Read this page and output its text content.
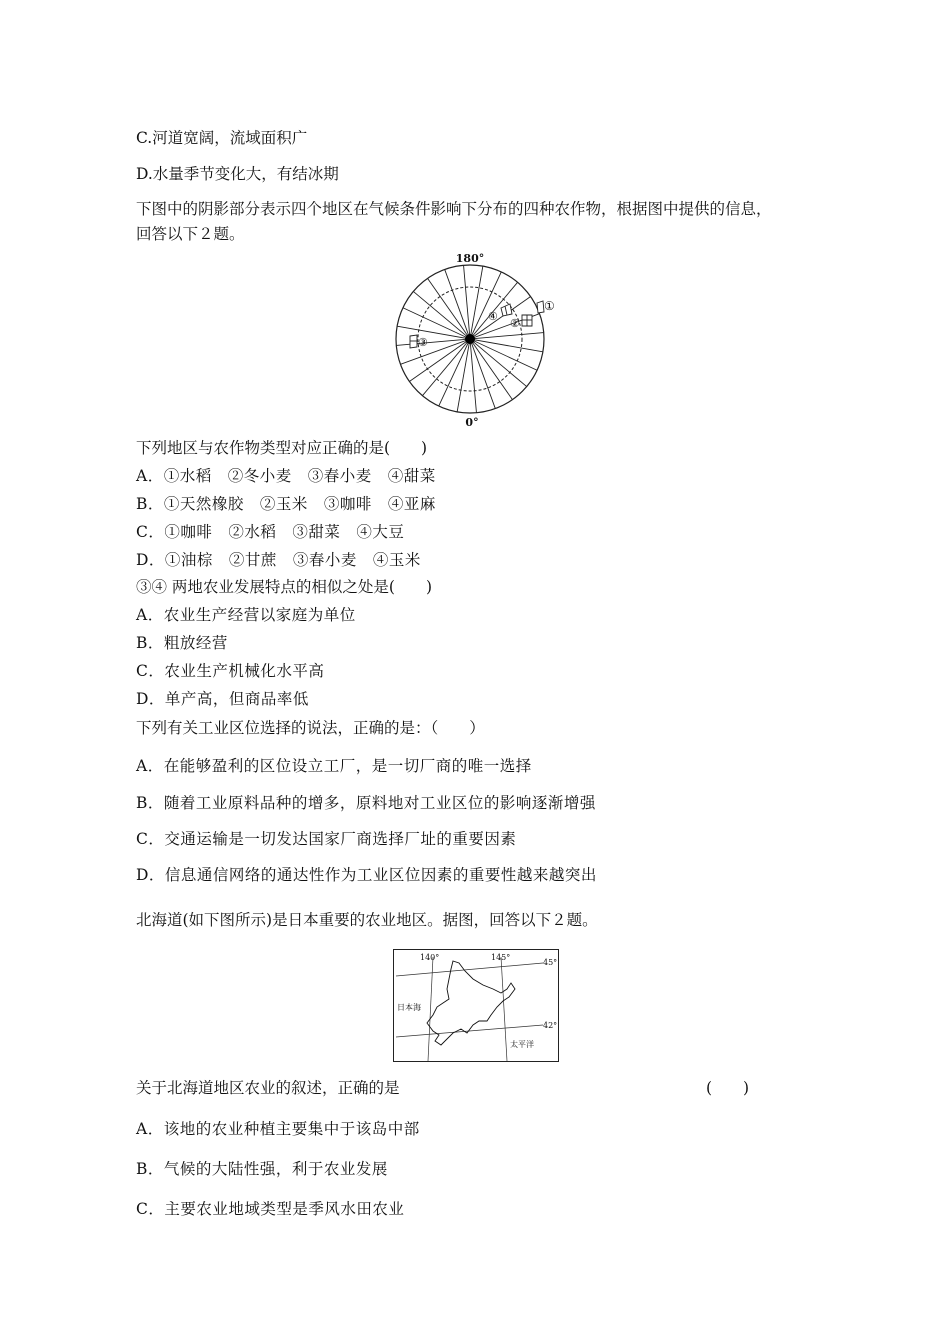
C.河道宽阔，流域面积广
D.水量季节变化大，有结冰期
下图中的阴影部分表示四个地区在气候条件影响下分布的四种农作物，根据图中提供的信息，
回答以下２题。
180°
0°
④
②
①
③
下列地区与农作物类型对应正确的是(　　)
A．①水稻　②冬小麦　③春小麦　④甜菜
B．①天然橡胶　②玉米　③咖啡　④亚麻
C．①咖啡　②水稻　③甜菜　④大豆
D．①油棕　②甘蔗　③春小麦　④玉米
③④ 两地农业发展特点的相似之处是(　　)
A．农业生产经营以家庭为单位
B．粗放经营
C．农业生产机械化水平高
D．单产高，但商品率低
下列有关工业区位选择的说法，正确的是：（　　）
A．在能够盈利的区位设立工厂，是一切厂商的唯一选择
B．随着工业原料品种的增多，原料地对工业区位的影响逐渐增强
C．交通运输是一切发达国家厂商选择厂址的重要因素
D．信息通信网络的通达性作为工业区位因素的重要性越来越突出
北海道(如下图所示)是日本重要的农业地区。据图，回答以下２题。
140°	145°
45°
42°
日本海
太平洋
关于北海道地区农业的叙述，正确的是	(　　)
A．该地的农业种植主要集中于该岛中部
B．气候的大陆性强，利于农业发展
C．主要农业地域类型是季风水田农业
